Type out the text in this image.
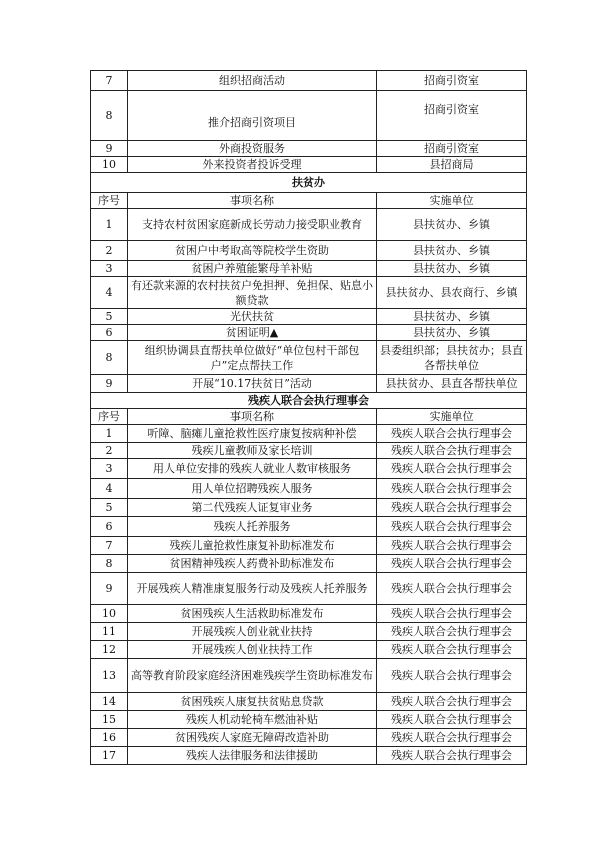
7	组织招商活动	招商引资室
8	推介招商引资项目	招商引资室

9	外商投资服务	招商引资室
10	外来投资者投诉受理	县招商局
扶贫办		
序号	事项名称	实施单位
1	支持农村贫困家庭新成长劳动力接受职业教育	县扶贫办、乡镇
2	贫困户中考取高等院校学生资助	县扶贫办、乡镇
3	贫困户养殖能繁母羊补贴	县扶贫办、乡镇
4	有还款来源的农村扶贫户免担押、免担保、贴息小额贷款	县扶贫办、县农商行、乡镇
5	光伏扶贫	县扶贫办、乡镇
6	贫困证明▲	县扶贫办、乡镇
8	组织协调县直帮扶单位做好“单位包村干部包户”定点帮扶工作	县委组织部；县扶贫办；县直各帮扶单位
9	开展“10.17扶贫日”活动	县扶贫办、县直各帮扶单位
残疾人联合会执行理事会		
序号	事项名称	实施单位
1	听障、脑瘫儿童抢救性医疗康复按病种补偿	残疾人联合会执行理事会
2	残疾儿童教师及家长培训	残疾人联合会执行理事会
3	用人单位安排的残疾人就业人数审核服务	残疾人联合会执行理事会
4	用人单位招聘残疾人服务	残疾人联合会执行理事会
5	第二代残疾人证复审业务	残疾人联合会执行理事会
6	残疾人托养服务	残疾人联合会执行理事会
7	残疾儿童抢救性康复补助标准发布	残疾人联合会执行理事会
8	贫困精神残疾人药费补助标准发布	残疾人联合会执行理事会
9	开展残疾人精准康复服务行动及残疾人托养服务	残疾人联合会执行理事会
10	贫困残疾人生活救助标准发布	残疾人联合会执行理事会
11	开展残疾人创业就业扶持	残疾人联合会执行理事会
12	开展残疾人创业扶持工作	残疾人联合会执行理事会
13	高等教育阶段家庭经济困难残疾学生资助标准发布	残疾人联合会执行理事会
14	贫困残疾人康复扶贫贴息贷款	残疾人联合会执行理事会
15	残疾人机动轮椅车燃油补贴	残疾人联合会执行理事会
16	贫困残疾人家庭无障碍改造补助	残疾人联合会执行理事会
17	残疾人法律服务和法律援助	残疾人联合会执行理事会
